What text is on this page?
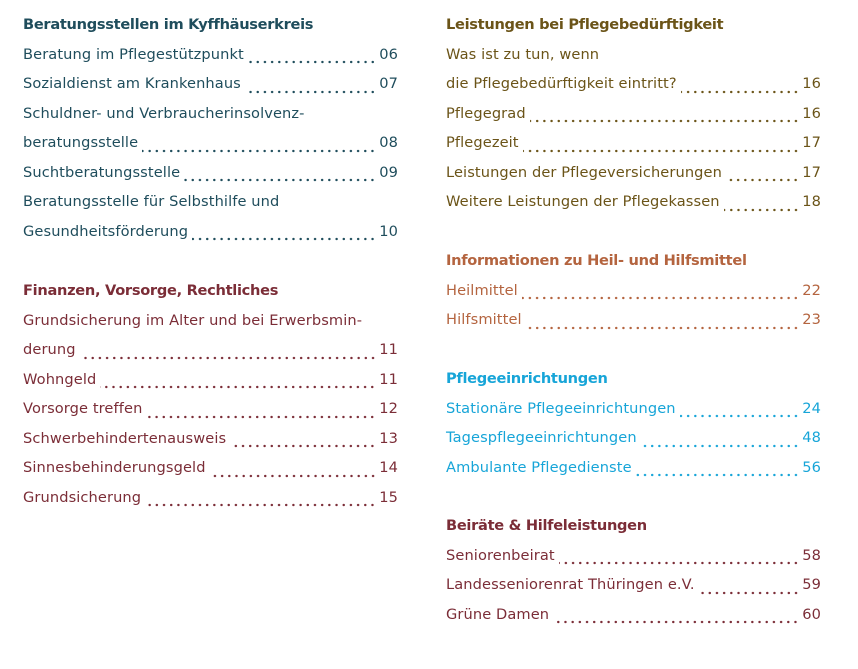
Beratungsstellen im Kyffhäuserkreis
Beratung im Pflegestützpunkt	06
Sozialdienst am Krankenhaus	07
Schuldner- und Verbraucherinsolvenz-
beratungsstelle	08
Suchtberatungsstelle	09
Beratungsstelle für Selbsthilfe und
Gesundheitsförderung	10
Finanzen, Vorsorge, Rechtliches
Grundsicherung im Alter und bei Erwerbsmin-
derung	11
Wohngeld	11
Vorsorge treffen	12
Schwerbehindertenausweis	13
Sinnesbehinderungsgeld	14
Grundsicherung	15
Leistungen bei Pflegebedürftigkeit
Was ist zu tun, wenn
die Pflegebedürftigkeit eintritt?	16
Pflegegrad	16
Pflegezeit	17
Leistungen der Pflegeversicherungen	17
Weitere Leistungen der Pflegekassen	18
Informationen zu Heil- und Hilfsmittel
Heilmittel	22
Hilfsmittel	23
Pflegeeinrichtungen
Stationäre Pflegeeinrichtungen	24
Tagespflegeeinrichtungen	48
Ambulante Pflegedienste	56
Beiräte & Hilfeleistungen
Seniorenbeirat	58
Landesseniorenrat Thüringen e.V.	59
Grüne Damen	60
